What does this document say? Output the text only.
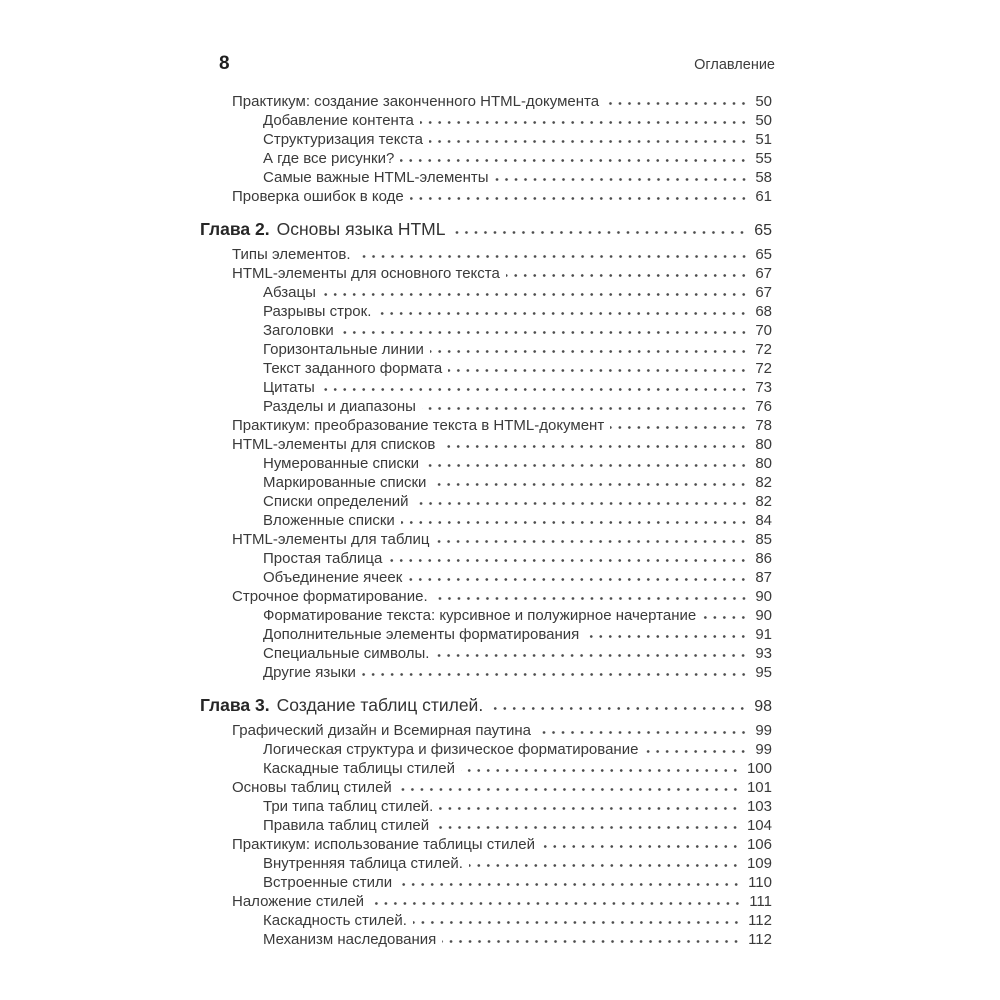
8	Оглавление
Практикум: создание законченного HTML-документа	50
Добавление контента	50
Структуризация текста	51
А где все рисунки?	55
Самые важные HTML-элементы	58
Проверка ошибок в коде	61
Глава 2. Основы языка HTML	65
Типы элементов.	65
HTML-элементы для основного текста	67
Абзацы	67
Разрывы строк.	68
Заголовки	70
Горизонтальные линии	72
Текст заданного формата	72
Цитаты	73
Разделы и диапазоны	76
Практикум: преобразование текста в HTML-документ	78
HTML-элементы для списков	80
Нумерованные списки	80
Маркированные списки	82
Списки определений	82
Вложенные списки	84
HTML-элементы для таблиц	85
Простая таблица	86
Объединение ячеек	87
Строчное форматирование.	90
Форматирование текста: курсивное и полужирное начертание	90
Дополнительные элементы форматирования	91
Специальные символы.	93
Другие языки	95
Глава 3. Создание таблиц стилей.	98
Графический дизайн и Всемирная паутина	99
Логическая структура и физическое форматирование	99
Каскадные таблицы стилей	100
Основы таблиц стилей	101
Три типа таблиц стилей.	103
Правила таблиц стилей	104
Практикум: использование таблицы стилей	106
Внутренняя таблица стилей.	109
Встроенные стили	110
Наложение стилей	111
Каскадность стилей.	112
Механизм наследования	112
